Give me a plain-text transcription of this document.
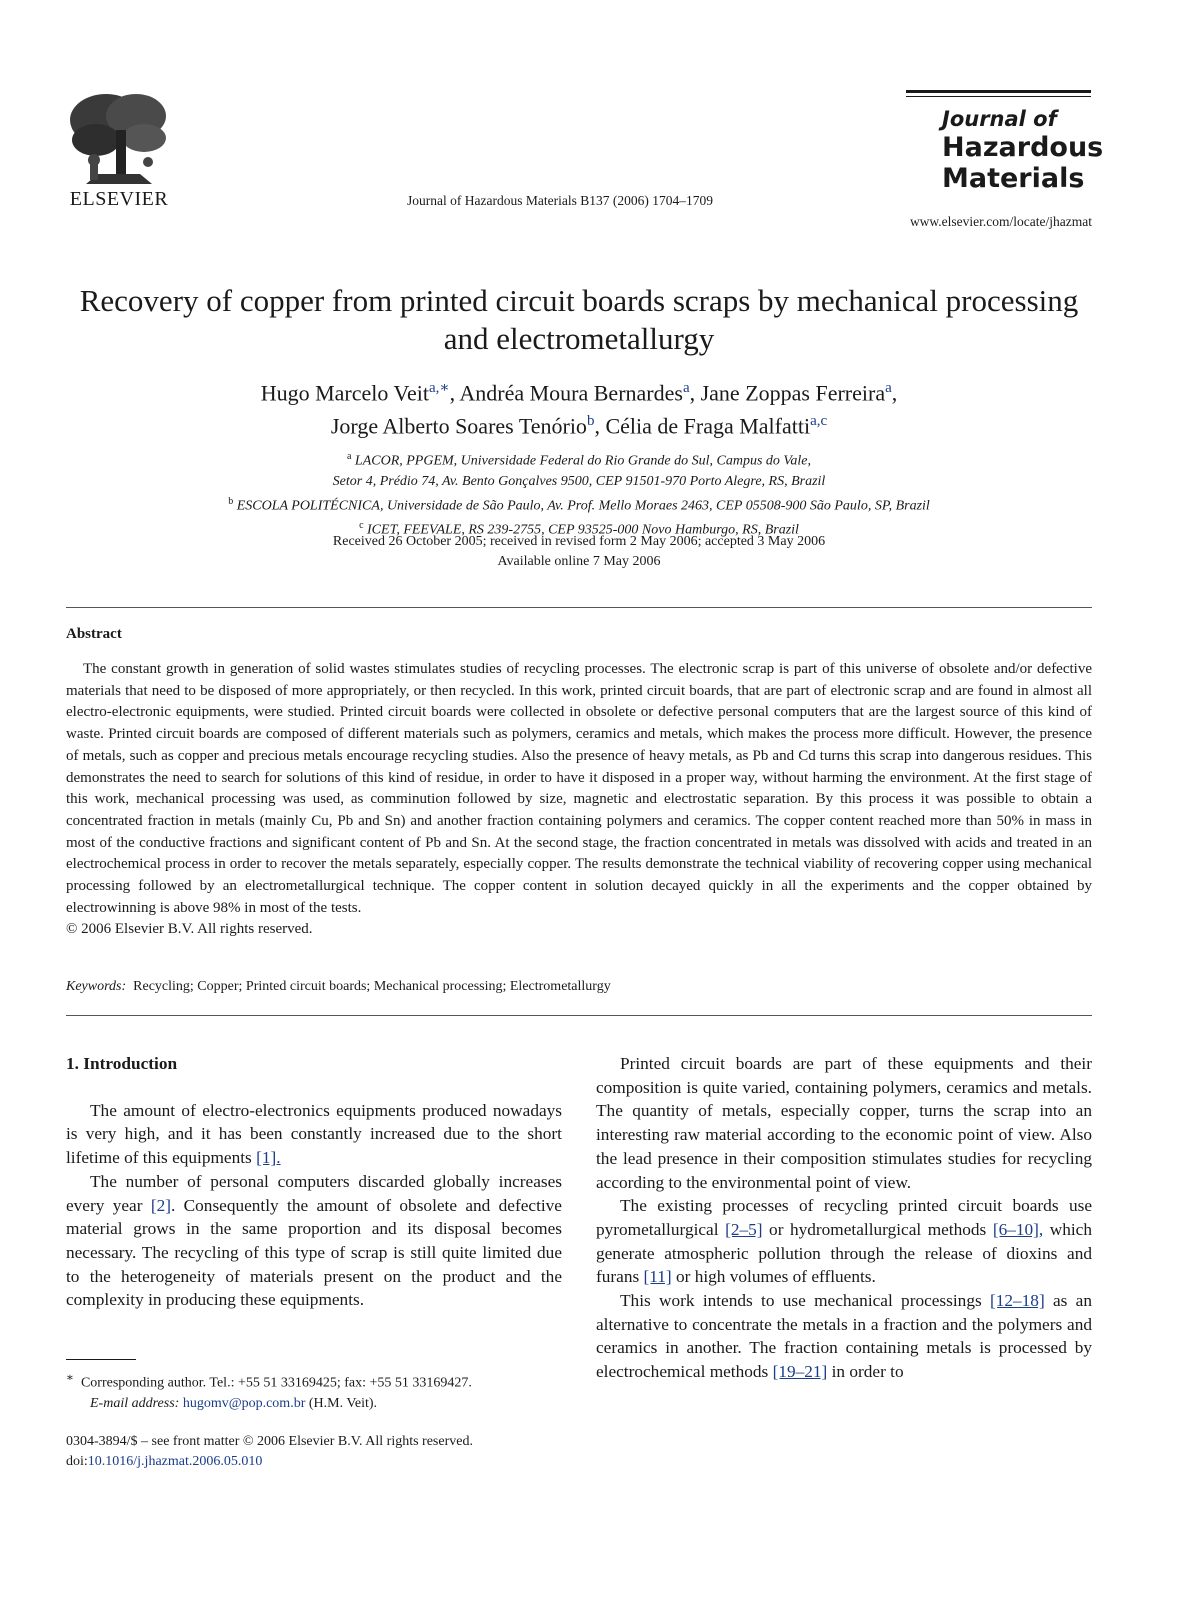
ELSEVIER	Journal of Hazardous Materials B137 (2006) 1704–1709
Journal of
Hazardous
Materials
www.elsevier.com/locate/jhazmat
Recovery of copper from printed circuit boards scraps by mechanical processing and electrometallurgy
Hugo Marcelo Veit$^{a,∗}$, Andréa Moura Bernardes$^a$, Jane Zoppas Ferreira$^a$,
Jorge Alberto Soares Tenório$^b$, Célia de Fraga Malfatti$^{a,c}$
$^a$ LACOR, PPGEM, Universidade Federal do Rio Grande do Sul, Campus do Vale,
Setor 4, Prédio 74, Av. Bento Gonçalves 9500, CEP 91501-970 Porto Alegre, RS, Brazil
$^b$ ESCOLA POLITÉCNICA, Universidade de São Paulo, Av. Prof. Mello Moraes 2463, CEP 05508-900 São Paulo, SP, Brazil
$^c$ ICET, FEEVALE, RS 239-2755, CEP 93525-000 Novo Hamburgo, RS, Brazil
Received 26 October 2005; received in revised form 2 May 2006; accepted 3 May 2006
Available online 7 May 2006
Abstract

The constant growth in generation of solid wastes stimulates studies of recycling processes. The electronic scrap is part of this universe of obsolete and/or defective materials that need to be disposed of more appropriately, or then recycled. In this work, printed circuit boards, that are part of electronic scrap and are found in almost all electro-electronic equipments, were studied. Printed circuit boards were collected in obsolete or defective personal computers that are the largest source of this kind of waste. Printed circuit boards are composed of different materials such as polymers, ceramics and metals, which makes the process more difficult. However, the presence of metals, such as copper and precious metals encourage recycling studies. Also the presence of heavy metals, as Pb and Cd turns this scrap into dangerous residues. This demonstrates the need to search for solutions of this kind of residue, in order to have it disposed in a proper way, without harming the environment. At the first stage of this work, mechanical processing was used, as comminution followed by size, magnetic and electrostatic separation. By this process it was possible to obtain a concentrated fraction in metals (mainly Cu, Pb and Sn) and another fraction containing polymers and ceramics. The copper content reached more than 50% in mass in most of the conductive fractions and significant content of Pb and Sn. At the second stage, the fraction concentrated in metals was dissolved with acids and treated in an electrochemical process in order to recover the metals separately, especially copper. The results demonstrate the technical viability of recovering copper using mechanical processing followed by an electrometallurgical technique. The copper content in solution decayed quickly in all the experiments and the copper obtained by electrowinning is above 98% in most of the tests.

© 2006 Elsevier B.V. All rights reserved.
Keywords: Recycling; Copper; Printed circuit boards; Mechanical processing; Electrometallurgy

1. Introduction

The amount of electro-electronics equipments produced nowadays is very high, and it has been constantly increased due to the short lifetime of this equipments [1].

The number of personal computers discarded globally increases every year [2]. Consequently the amount of obsolete and defective material grows in the same proportion and its disposal becomes necessary. The recycling of this type of scrap is still quite limited due to the heterogeneity of materials present on the product and the complexity in producing these equipments.

Printed circuit boards are part of these equipments and their composition is quite varied, containing polymers, ceramics and metals. The quantity of metals, especially copper, turns the scrap into an interesting raw material according to the economic point of view. Also the lead presence in their composition stimulates studies for recycling according to the environmental point of view.

The existing processes of recycling printed circuit boards use pyrometallurgical [2–5] or hydrometallurgical methods [6–10], which generate atmospheric pollution through the release of dioxins and furans [11] or high volumes of effluents.

This work intends to use mechanical processings [12–18] as an alternative to concentrate the metals in a fraction and the polymers and ceramics in another. The fraction containing metals is processed by electrochemical methods [19–21] in order to

∗ Corresponding author. Tel.: +55 51 33169425; fax: +55 51 33169427.
E-mail address: hugomv@pop.com.br (H.M. Veit).
0304-3894/$ – see front matter © 2006 Elsevier B.V. All rights reserved.
doi:10.1016/j.jhazmat.2006.05.010
